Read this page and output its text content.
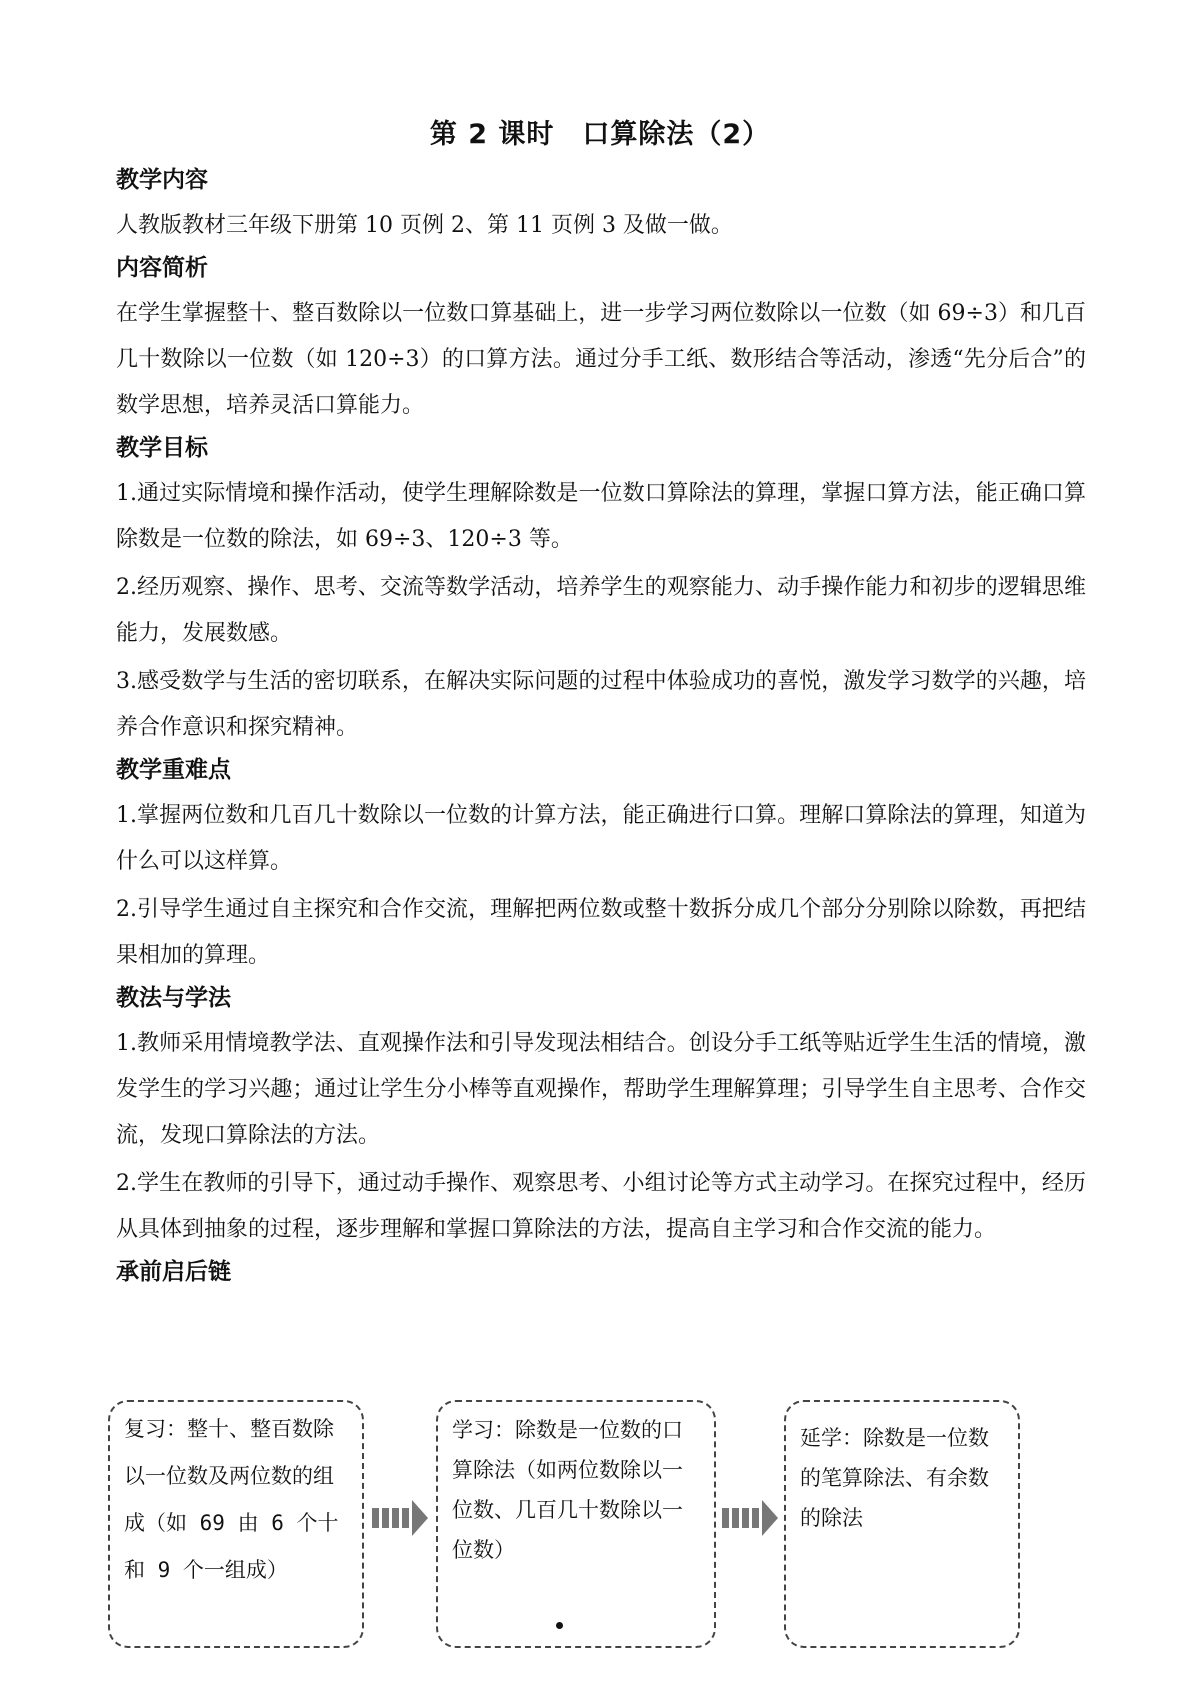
第 2 课时　口算除法（2）
教学内容
人教版教材三年级下册第 10 页例 2、第 11 页例 3 及做一做。
内容简析
在学生掌握整十、整百数除以一位数口算基础上，进一步学习两位数除以一位数（如 69÷3）和几百几十数除以一位数（如 120÷3）的口算方法。通过分手工纸、数形结合等活动，渗透“先分后合”的数学思想，培养灵活口算能力。
教学目标
1.通过实际情境和操作活动，使学生理解除数是一位数口算除法的算理，掌握口算方法，能正确口算除数是一位数的除法，如 69÷3、120÷3 等。
2.经历观察、操作、思考、交流等数学活动，培养学生的观察能力、动手操作能力和初步的逻辑思维能力，发展数感。
3.感受数学与生活的密切联系，在解决实际问题的过程中体验成功的喜悦，激发学习数学的兴趣，培养合作意识和探究精神。
教学重难点
1.掌握两位数和几百几十数除以一位数的计算方法，能正确进行口算。理解口算除法的算理，知道为什么可以这样算。
2.引导学生通过自主探究和合作交流，理解把两位数或整十数拆分成几个部分分别除以除数，再把结果相加的算理。
教法与学法
1.教师采用情境教学法、直观操作法和引导发现法相结合。创设分手工纸等贴近学生生活的情境，激发学生的学习兴趣；通过让学生分小棒等直观操作，帮助学生理解算理；引导学生自主思考、合作交流，发现口算除法的方法。
2.学生在教师的引导下，通过动手操作、观察思考、小组讨论等方式主动学习。在探究过程中，经历从具体到抽象的过程，逐步理解和掌握口算除法的方法，提高自主学习和合作交流的能力。
承前启后链
复习：整十、整百数除以一位数及两位数的组成（如 69 由 6 个十和 9 个一组成）
学习：除数是一位数的口算除法（如两位数除以一位数、几百几十数除以一位数）
延学：除数是一位数的笔算除法、有余数的除法
